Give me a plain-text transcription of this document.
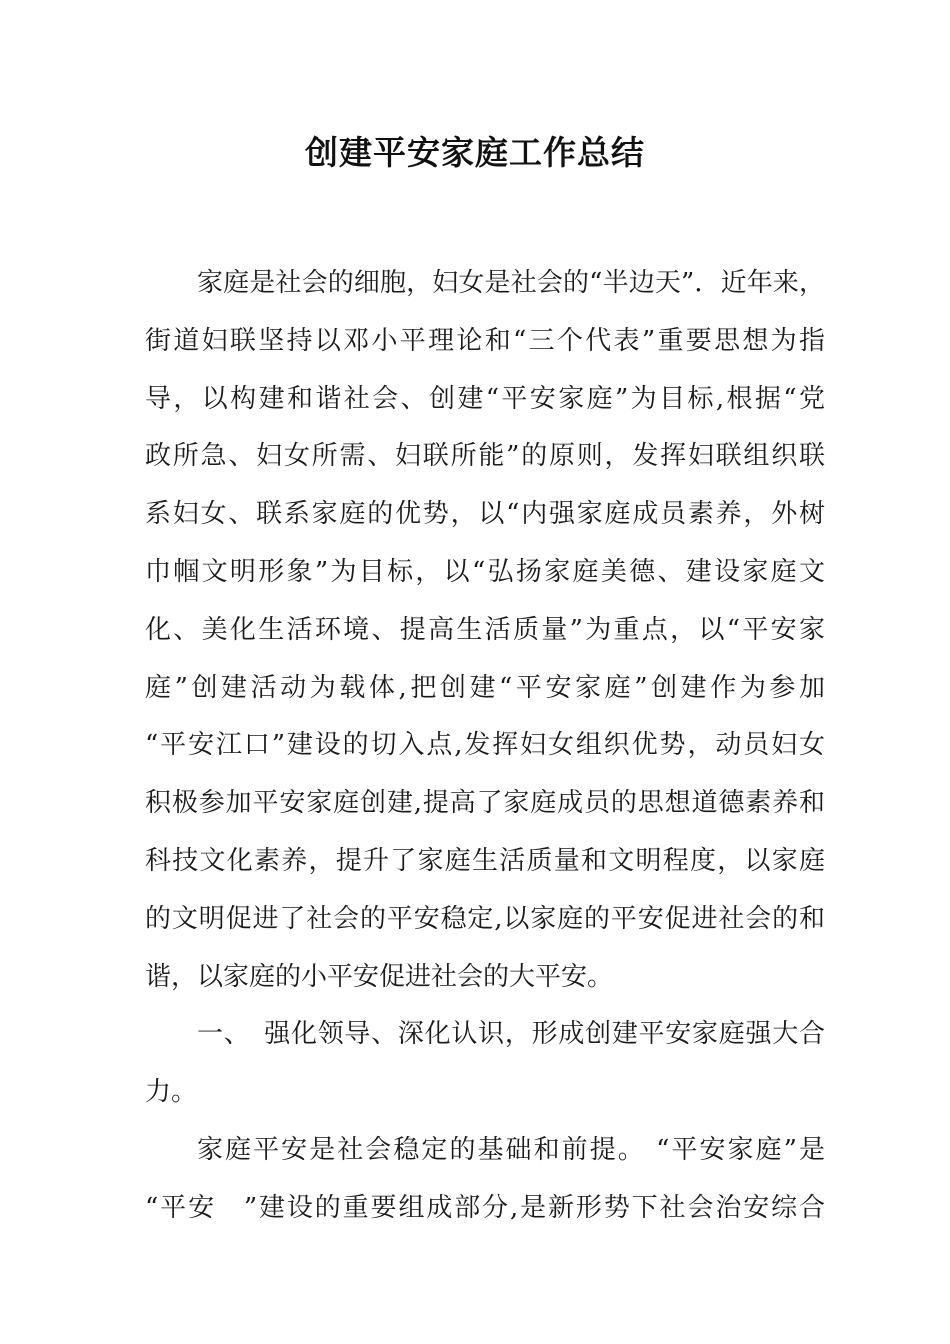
创建平安家庭工作总结
家庭是社会的细胞，妇女是社会的“半边天”．近年来，
街道妇联坚持以邓小平理论和“三个代表”重要思想为指
导，以构建和谐社会、创建“平安家庭”为目标,根据“党
政所急、妇女所需、妇联所能”的原则，发挥妇联组织联
系妇女、联系家庭的优势，以“内强家庭成员素养，外树
巾帼文明形象”为目标，以“弘扬家庭美德、建设家庭文
化、美化生活环境、提高生活质量”为重点，以“平安家
庭”创建活动为载体,把创建“平安家庭”创建作为参加
“平安江口”建设的切入点,发挥妇女组织优势，动员妇女
积极参加平安家庭创建,提高了家庭成员的思想道德素养和
科技文化素养，提升了家庭生活质量和文明程度，以家庭
的文明促进了社会的平安稳定,以家庭的平安促进社会的和
谐，以家庭的小平安促进社会的大平安。
一、　强化领导、深化认识，形成创建平安家庭强大合
力。
家庭平安是社会稳定的基础和前提。 “平安家庭”是
“平安　”建设的重要组成部分,是新形势下社会治安综合
